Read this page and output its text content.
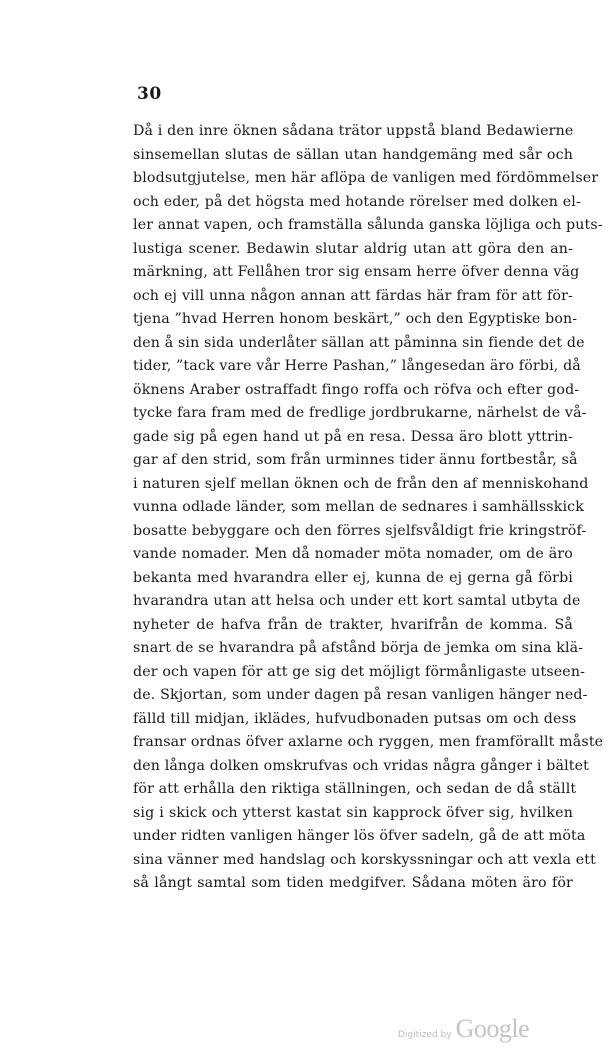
30
Då i den inre öknen sådana trätor uppstå bland Bedawierne
sinsemellan slutas de sällan utan handgemäng med sår och
blodsutgjutelse, men här aflöpa de vanligen med fördömmelser
och eder, på det högsta med hotande rörelser med dolken el-
ler annat vapen, och framställa sålunda ganska löjliga och puts-
lustiga scener. Bedawin slutar aldrig utan att göra den an-
märkning, att Fellåhen tror sig ensam herre öfver denna väg
och ej vill unna någon annan att färdas här fram för att för-
tjena ”hvad Herren honom beskärt,” och den Egyptiske bon-
den å sin sida underlåter sällan att påminna sin fiende det de
tider, ”tack vare vår Herre Pashan,” långesedan äro förbi, då
öknens Araber ostraffadt fingo roffa och röfva och efter god-
tycke fara fram med de fredlige jordbrukarne, närhelst de vå-
gade sig på egen hand ut på en resa. Dessa äro blott yttrin-
gar af den strid, som från urminnes tider ännu fortbestår, så
i naturen sjelf mellan öknen och de från den af menniskohand
vunna odlade länder, som mellan de sednares i samhällsskick
bosatte bebyggare och den förres sjelfsvåldigt frie kringströf-
vande nomader. Men då nomader möta nomader, om de äro
bekanta med hvarandra eller ej, kunna de ej gerna gå förbi
hvarandra utan att helsa och under ett kort samtal utbyta de
nyheter de hafva från de trakter, hvarifrån de komma. Så
snart de se hvarandra på afstånd börja de jemka om sina klä-
der och vapen för att ge sig det möjligt förmånligaste utseen-
de. Skjortan, som under dagen på resan vanligen hänger ned-
fälld till midjan, iklädes, hufvudbonaden putsas om och dess
fransar ordnas öfver axlarne och ryggen, men framförallt måste
den långa dolken omskrufvas och vridas några gånger i bältet
för att erhålla den riktiga ställningen, och sedan de då ställt
sig i skick och ytterst kastat sin kapprock öfver sig, hvilken
under ridten vanligen hänger lös öfver sadeln, gå de att möta
sina vänner med handslag och korskyssningar och att vexla ett
så långt samtal som tiden medgifver. Sådana möten äro för
Digitized by Google
